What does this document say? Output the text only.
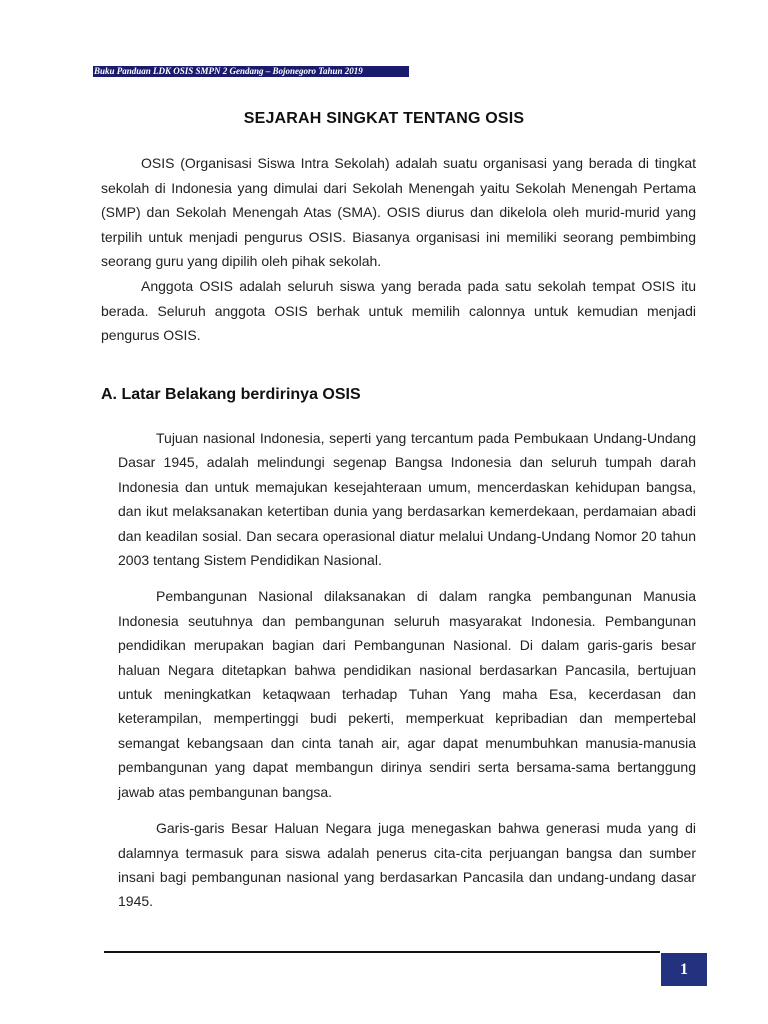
Buku Panduan LDK OSIS SMPN 2 Gendang – Bojonegoro Tahun 2019
SEJARAH SINGKAT TENTANG OSIS

OSIS (Organisasi Siswa Intra Sekolah) adalah suatu organisasi yang berada di tingkat sekolah di Indonesia yang dimulai dari Sekolah Menengah yaitu Sekolah Menengah Pertama (SMP) dan Sekolah Menengah Atas (SMA). OSIS diurus dan dikelola oleh murid-murid yang terpilih untuk menjadi pengurus OSIS. Biasanya organisasi ini memiliki seorang pembimbing seorang guru yang dipilih oleh pihak sekolah.

Anggota OSIS adalah seluruh siswa yang berada pada satu sekolah tempat OSIS itu berada. Seluruh anggota OSIS berhak untuk memilih calonnya untuk kemudian menjadi pengurus OSIS.

A. Latar Belakang berdirinya OSIS

Tujuan nasional Indonesia, seperti yang tercantum pada Pembukaan Undang-Undang Dasar 1945, adalah melindungi segenap Bangsa Indonesia dan seluruh tumpah darah Indonesia dan untuk memajukan kesejahteraan umum, mencerdaskan kehidupan bangsa, dan ikut melaksanakan ketertiban dunia yang berdasarkan kemerdekaan, perdamaian abadi dan keadilan sosial. Dan secara operasional diatur melalui Undang-Undang Nomor 20 tahun 2003 tentang Sistem Pendidikan Nasional.

Pembangunan Nasional dilaksanakan di dalam rangka pembangunan Manusia Indonesia seutuhnya dan pembangunan seluruh masyarakat Indonesia. Pembangunan pendidikan merupakan bagian dari Pembangunan Nasional. Di dalam garis-garis besar haluan Negara ditetapkan bahwa pendidikan nasional berdasarkan Pancasila, bertujuan untuk meningkatkan ketaqwaan terhadap Tuhan Yang maha Esa, kecerdasan dan keterampilan, mempertinggi budi pekerti, memperkuat kepribadian dan mempertebal semangat kebangsaan dan cinta tanah air, agar dapat menumbuhkan manusia-manusia pembangunan yang dapat membangun dirinya sendiri serta bersama-sama bertanggung jawab atas pembangunan bangsa.

Garis-garis Besar Haluan Negara juga menegaskan bahwa generasi muda yang di dalamnya termasuk para siswa adalah penerus cita-cita perjuangan bangsa dan sumber insani bagi pembangunan nasional yang berdasarkan Pancasila dan undang-undang dasar 1945.

1
